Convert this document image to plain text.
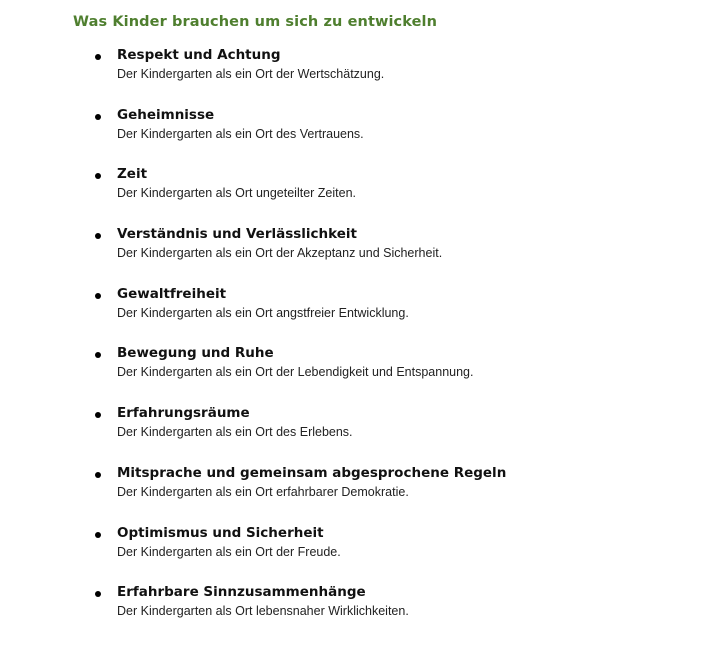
Was Kinder brauchen um sich zu entwickeln
Respekt und Achtung
Der Kindergarten als ein Ort der Wertschätzung.
Geheimnisse
Der Kindergarten als ein Ort des Vertrauens.
Zeit
Der Kindergarten als Ort ungeteilter Zeiten.
Verständnis und Verlässlichkeit
Der Kindergarten als ein Ort der Akzeptanz und Sicherheit.
Gewaltfreiheit
Der Kindergarten als ein Ort angstfreier Entwicklung.
Bewegung und Ruhe
Der Kindergarten als ein Ort der Lebendigkeit und Entspannung.
Erfahrungsräume
Der Kindergarten als ein Ort des Erlebens.
Mitsprache und gemeinsam abgesprochene Regeln
Der Kindergarten als ein Ort erfahrbarer Demokratie.
Optimismus und Sicherheit
Der Kindergarten als ein Ort der Freude.
Erfahrbare Sinnzusammenhänge
Der Kindergarten als Ort lebensnaher Wirklichkeiten.
